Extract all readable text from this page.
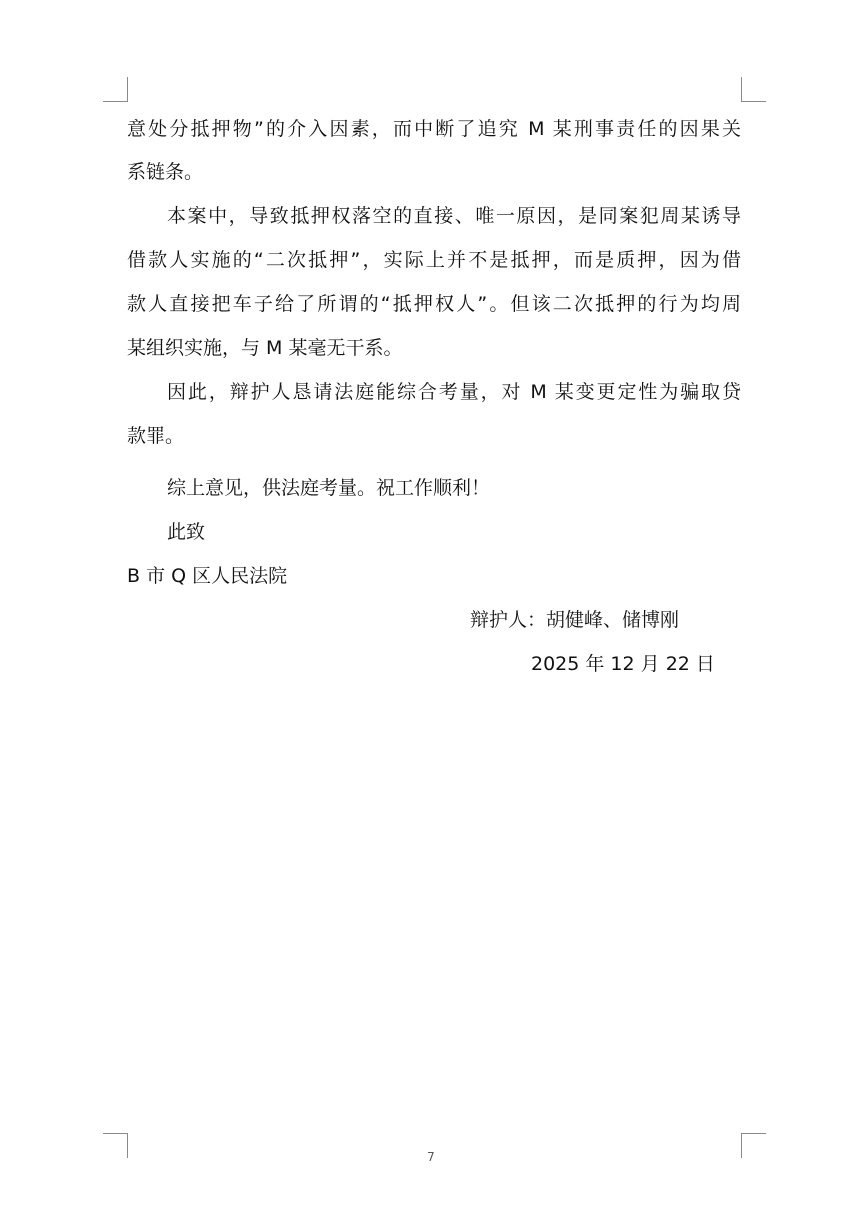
意处分抵押物”的介入因素，而中断了追究 M 某刑事责任的因果关
系链条。
本案中，导致抵押权落空的直接、唯一原因，是同案犯周某诱导
借款人实施的“二次抵押”，实际上并不是抵押，而是质押，因为借
款人直接把车子给了所谓的“抵押权人”。但该二次抵押的行为均周
某组织实施，与 M 某毫无干系。
因此，辩护人恳请法庭能综合考量，对 M 某变更定性为骗取贷
款罪。
综上意见，供法庭考量。祝工作顺利！
此致
B 市 Q 区人民法院
辩护人：胡健峰、储博刚
2025 年 12 月 22 日
7
